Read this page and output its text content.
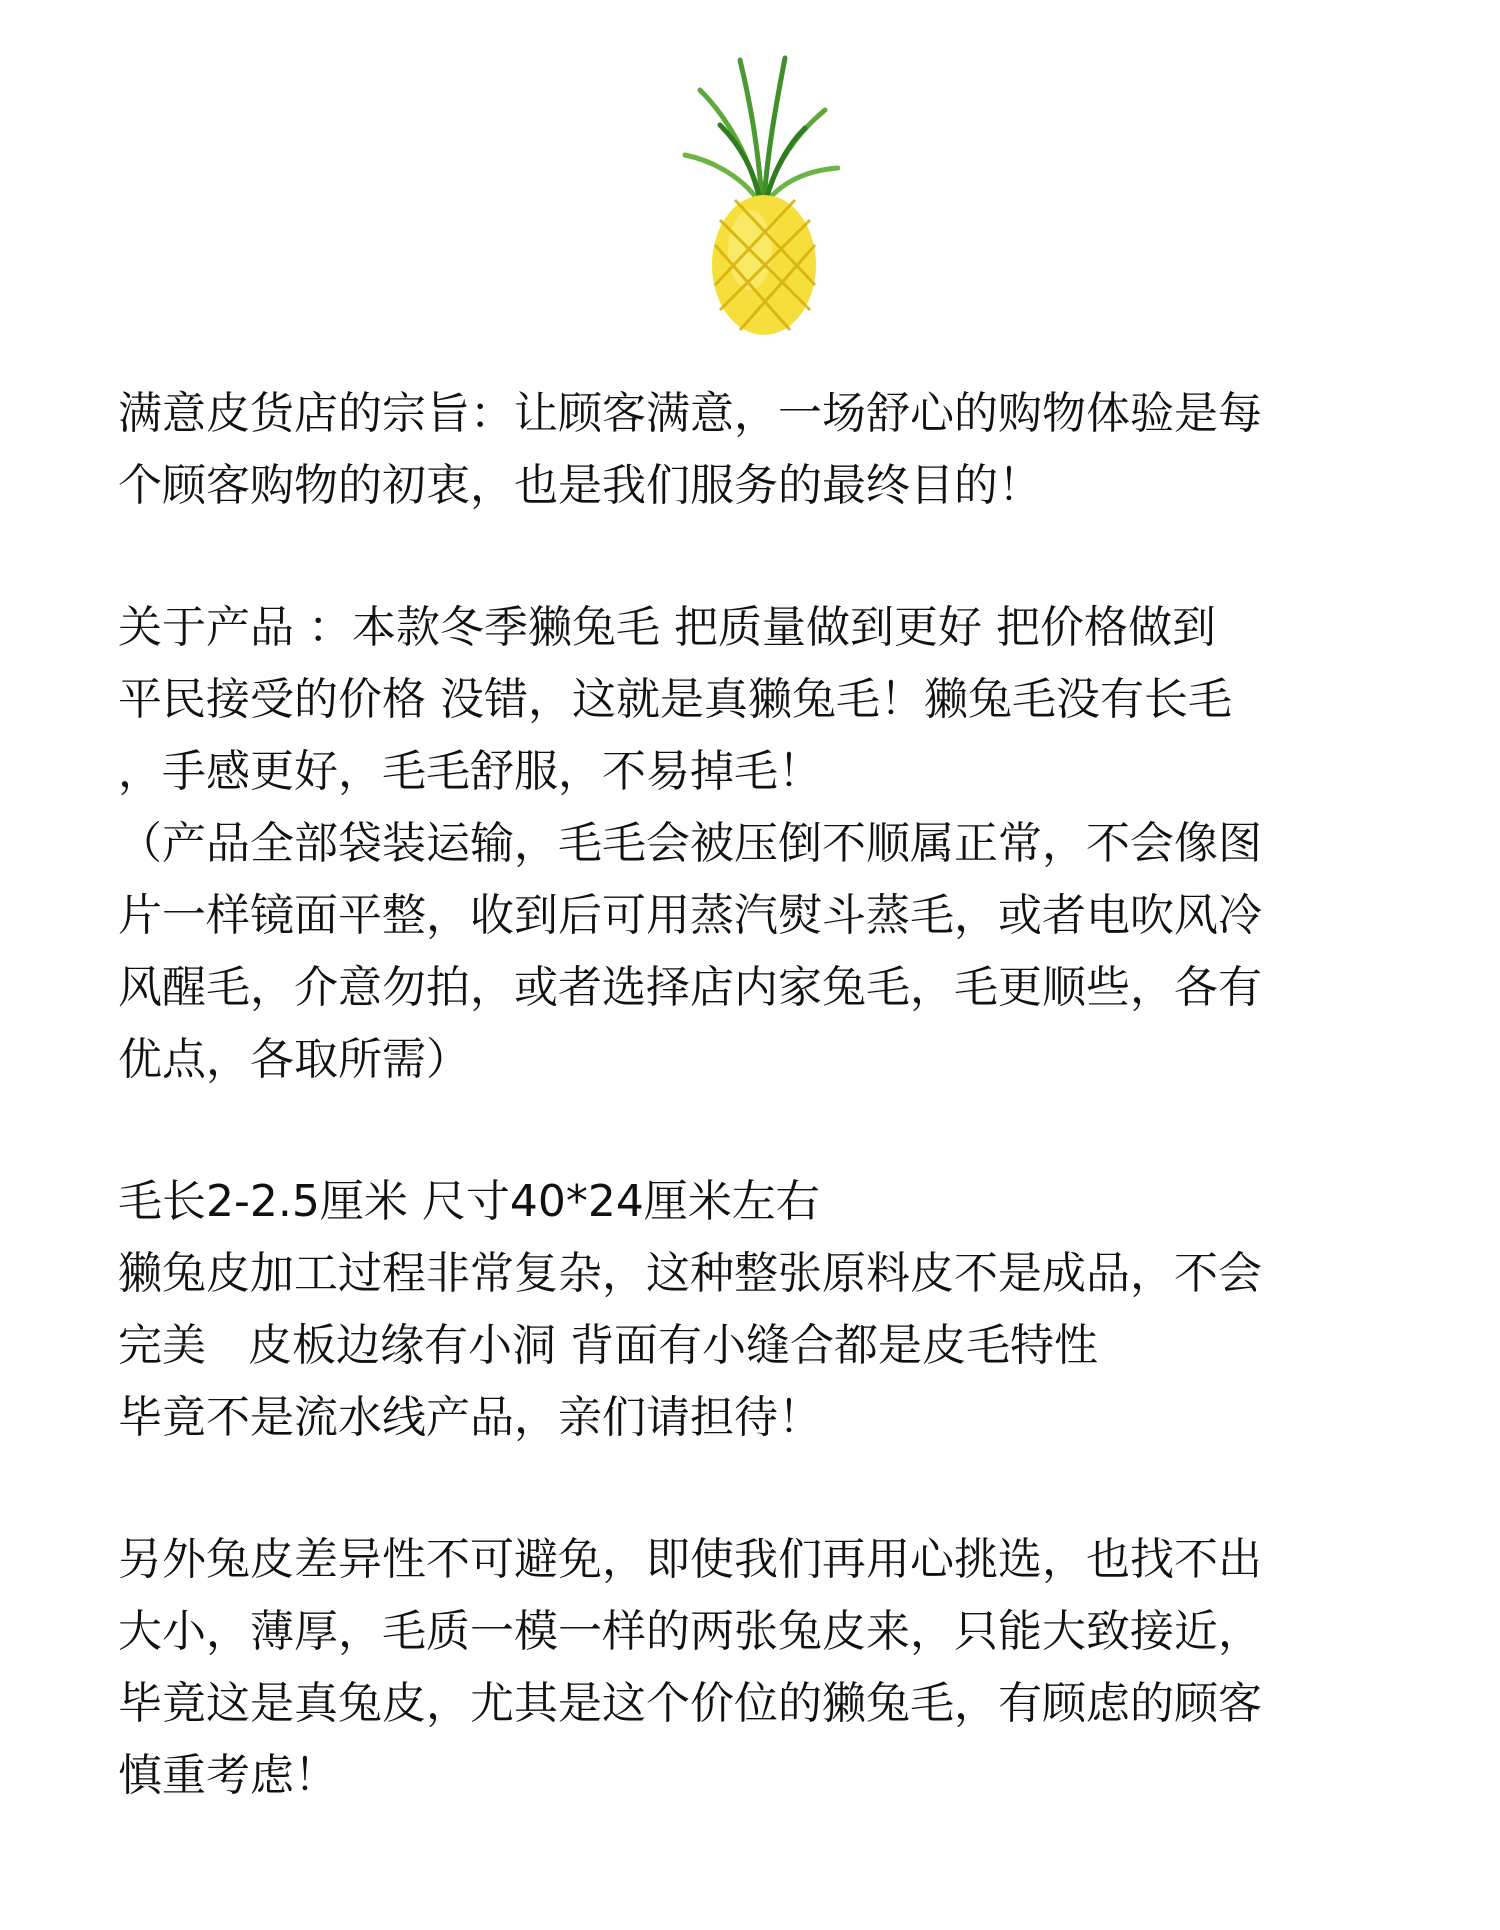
满意皮货店的宗旨：让顾客满意，一场舒心的购物体验是每
个顾客购物的初衷，也是我们服务的最终目的！
关于产品 ：本款冬季獭兔毛 把质量做到更好 把价格做到
平民接受的价格 没错，这就是真獭兔毛！獭兔毛没有长毛
，手感更好，毛毛舒服，不易掉毛！
（产品全部袋装运输，毛毛会被压倒不顺属正常，不会像图
片一样镜面平整，收到后可用蒸汽熨斗蒸毛，或者电吹风冷
风醒毛，介意勿拍，或者选择店内家兔毛，毛更顺些，各有
优点，各取所需）
毛长2-2.5厘米 尺寸40*24厘米左右
獭兔皮加工过程非常复杂，这种整张原料皮不是成品，不会
完美   皮板边缘有小洞 背面有小缝合都是皮毛特性
毕竟不是流水线产品，亲们请担待！
另外兔皮差异性不可避免，即使我们再用心挑选，也找不出
大小，薄厚，毛质一模一样的两张兔皮来，只能大致接近，
毕竟这是真兔皮，尤其是这个价位的獭兔毛，有顾虑的顾客
慎重考虑！
